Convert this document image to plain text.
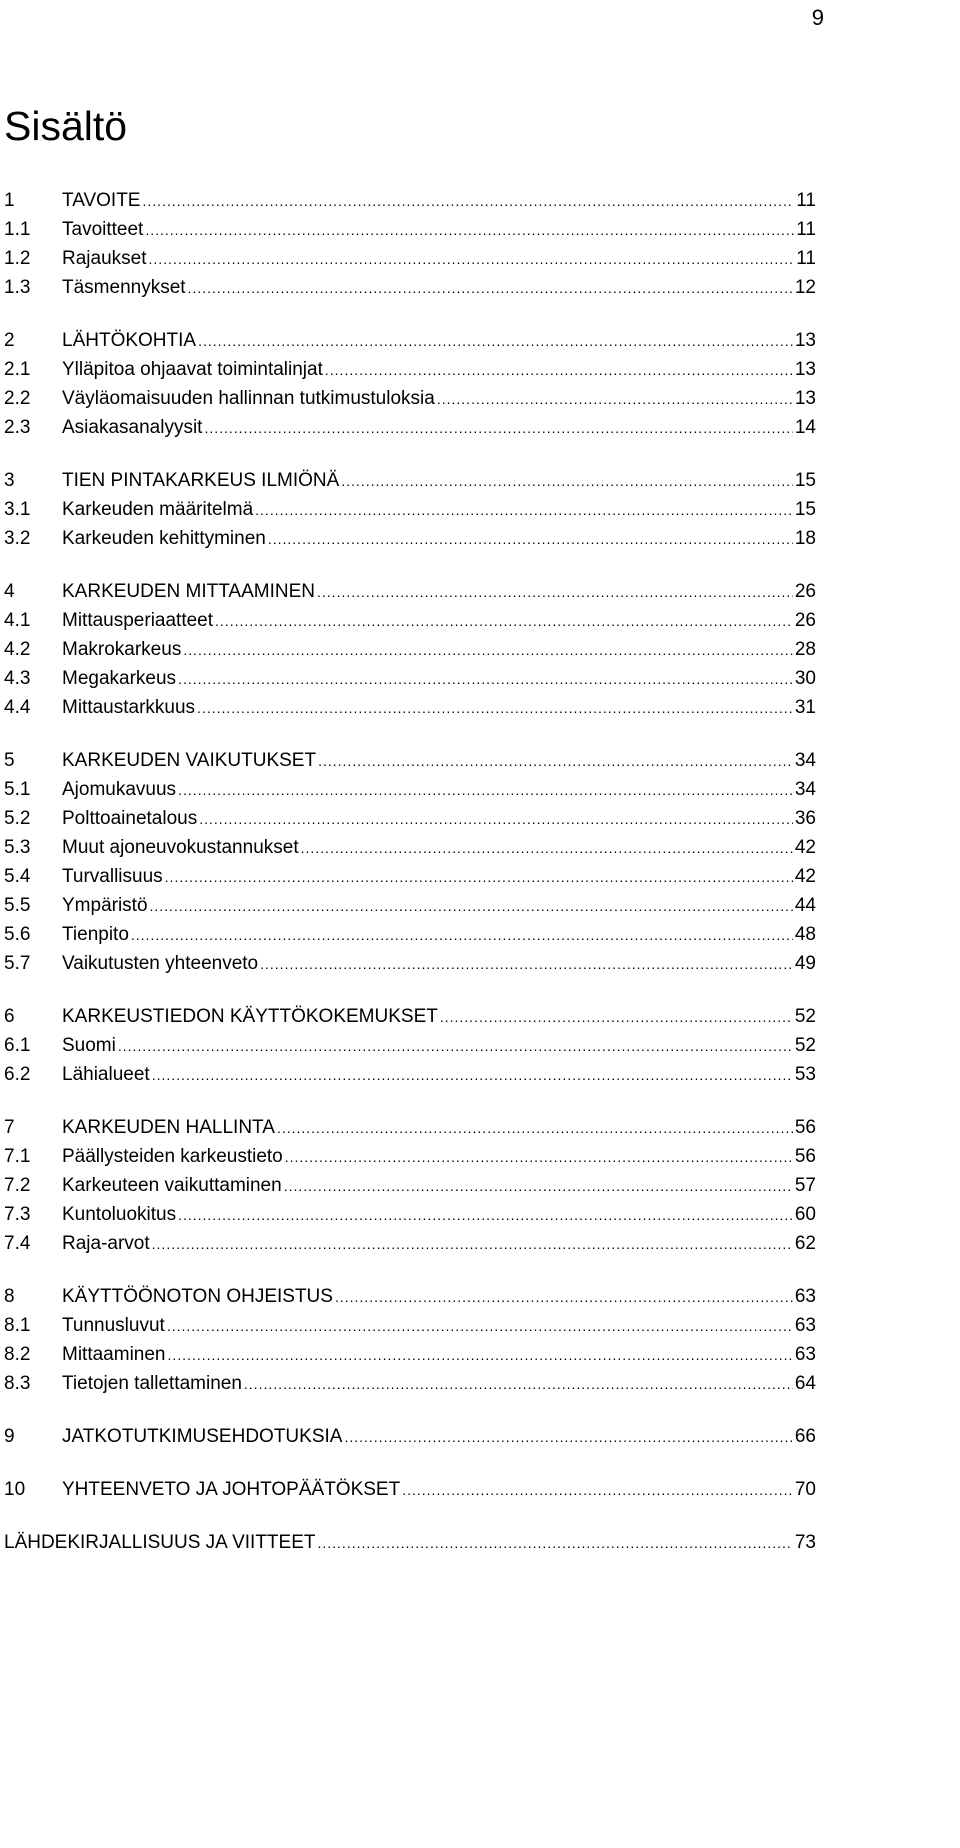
9
Sisältö
1	TAVOITE .....	11
1.1	Tavoitteet .....	11
1.2	Rajaukset .....	11
1.3	Täsmennykset .....	12
2	LÄHTÖKOHTIA .....	13
2.1	Ylläpitoa ohjaavat toimintalinjat .....	13
2.2	Väyläomaisuuden hallinnan tutkimustuloksia .....	13
2.3	Asiakasanalyysit .....	14
3	TIEN PINTAKARKEUS ILMIÖNÄ .....	15
3.1	Karkeuden määritelmä .....	15
3.2	Karkeuden kehittyminen .....	18
4	KARKEUDEN MITTAAMINEN .....	26
4.1	Mittausperiaatteet .....	26
4.2	Makrokarkeus .....	28
4.3	Megakarkeus .....	30
4.4	Mittaustarkkuus .....	31
5	KARKEUDEN VAIKUTUKSET .....	34
5.1	Ajomukavuus .....	34
5.2	Polttoainetalous .....	36
5.3	Muut ajoneuvokustannukset .....	42
5.4	Turvallisuus .....	42
5.5	Ympäristö .....	44
5.6	Tienpito .....	48
5.7	Vaikutusten yhteenveto .....	49
6	KARKEUSTIEDON KÄYTTÖKOKEMUKSET .....	52
6.1	Suomi .....	52
6.2	Lähialueet .....	53
7	KARKEUDEN HALLINTA .....	56
7.1	Päällysteiden karkeustieto .....	56
7.2	Karkeuteen vaikuttaminen .....	57
7.3	Kuntoluokitus .....	60
7.4	Raja-arvot .....	62
8	KÄYTTÖÖNOTON OHJEISTUS .....	63
8.1	Tunnusluvut .....	63
8.2	Mittaaminen .....	63
8.3	Tietojen tallettaminen .....	64
9	JATKOTUTKIMUSEHDOTUKSIA .....	66
10	YHTEENVETO JA JOHTOPÄÄTÖKSET .....	70
LÄHDEKIRJALLISUUS JA VIITTEET .....	73
